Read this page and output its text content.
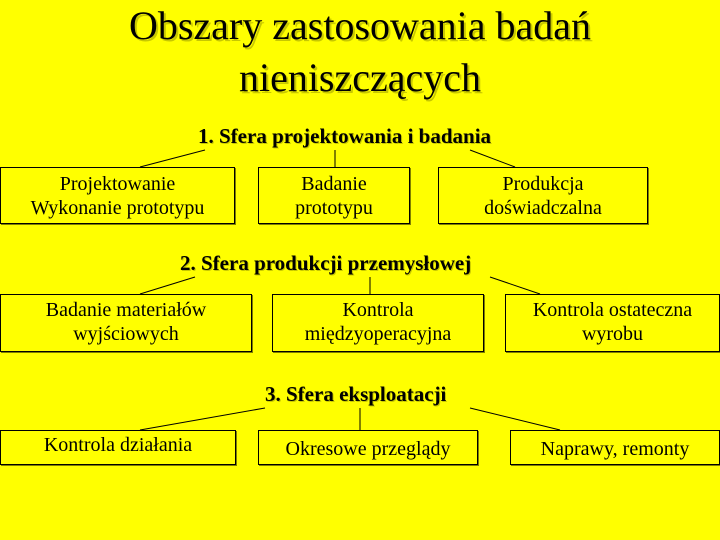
Obszary zastosowania badań
nieniszczących
1. Sfera projektowania i badania
Projektowanie
Wykonanie prototypu
Badanie
prototypu
Produkcja
doświadczalna
2. Sfera produkcji przemysłowej
Badanie materiałów
wyjściowych
Kontrola
międzyoperacyjna
Kontrola ostateczna
wyrobu
3. Sfera eksploatacji
Kontrola działania	Okresowe przeglądy	Naprawy, remonty
